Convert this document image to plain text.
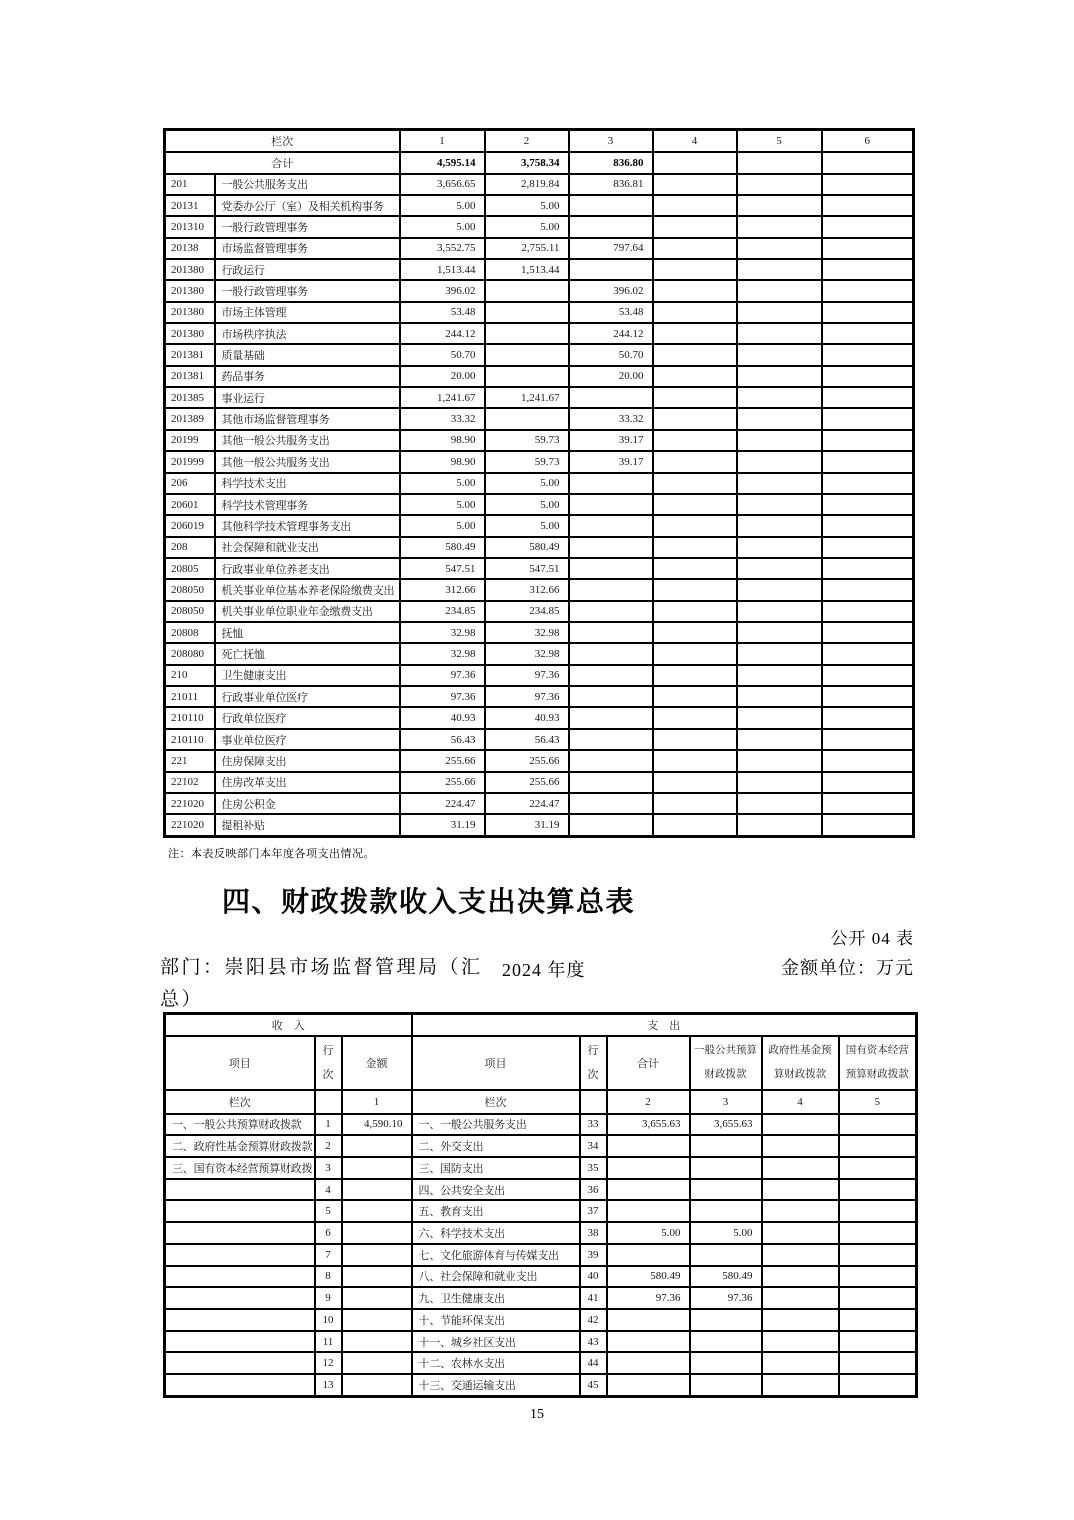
栏次		1	2	3	4	5	6
合计		4,595.14	3,758.34	836.80			
201	一般公共服务支出	3,656.65	2,819.84	836.81			
20131	党委办公厅（室）及相关机构事务	5.00	5.00				
201310	一般行政管理事务	5.00	5.00				
20138	市场监督管理事务	3,552.75	2,755.11	797.64			
201380	行政运行	1,513.44	1,513.44				
201380	一般行政管理事务	396.02		396.02			
201380	市场主体管理	53.48		53.48			
201380	市场秩序执法	244.12		244.12			
201381	质量基础	50.70		50.70			
201381	药品事务	20.00		20.00			
201385	事业运行	1,241.67	1,241.67				
201389	其他市场监督管理事务	33.32		33.32			
20199	其他一般公共服务支出	98.90	59.73	39.17			
201999	其他一般公共服务支出	98.90	59.73	39.17			
206	科学技术支出	5.00	5.00				
20601	科学技术管理事务	5.00	5.00				
206019	其他科学技术管理事务支出	5.00	5.00				
208	社会保障和就业支出	580.49	580.49				
20805	行政事业单位养老支出	547.51	547.51				
208050	机关事业单位基本养老保险缴费支出	312.66	312.66				
208050	机关事业单位职业年金缴费支出	234.85	234.85				
20808	抚恤	32.98	32.98				
208080	死亡抚恤	32.98	32.98				
210	卫生健康支出	97.36	97.36				
21011	行政事业单位医疗	97.36	97.36				
210110	行政单位医疗	40.93	40.93				
210110	事业单位医疗	56.43	56.43				
221	住房保障支出	255.66	255.66				
22102	住房改革支出	255.66	255.66				
221020	住房公积金	224.47	224.47				
221020	提租补贴	31.19	31.19				
注：本表反映部门本年度各项支出情况。
四、财政拨款收入支出决算总表
公开 04 表
部门：崇阳县市场监督管理局（汇
总）
2024 年度	金额单位：万元
收    入			支    出					
项目	行次	金额	项目	行次	合计	一般公共预算财政拨款	政府性基金预算财政拨款	国有资本经营预算财政拨款
栏次		1	栏次		2	3	4	5
一、一般公共预算财政拨款	1	4,590.10	一、一般公共服务支出	33	3,655.63	3,655.63		
二、政府性基金预算财政拨款	2		二、外交支出	34				
三、国有资本经营预算财政拨	3		三、国防支出	35				
	4		四、公共安全支出	36				
	5		五、教育支出	37				
	6		六、科学技术支出	38	5.00	5.00		
	7		七、文化旅游体育与传媒支出	39				
	8		八、社会保障和就业支出	40	580.49	580.49		
	9		九、卫生健康支出	41	97.36	97.36		
	10		十、节能环保支出	42				
	11		十一、城乡社区支出	43				
	12		十二、农林水支出	44				
	13		十三、交通运输支出	45				
15
